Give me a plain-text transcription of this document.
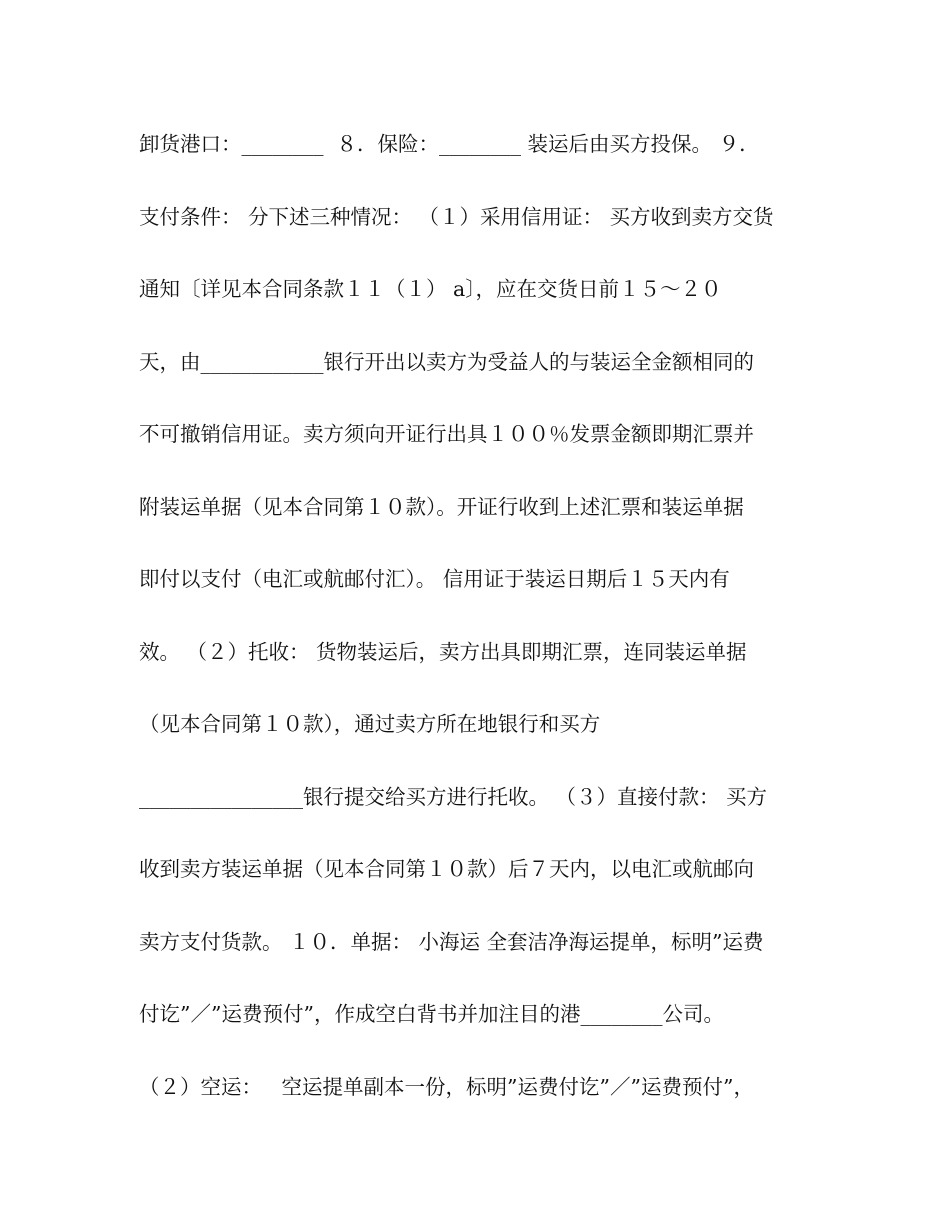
卸货港口：________  ８．保险：________ 装运后由买方投保。 ９．
支付条件： 分下述三种情况： （１）采用信用证： 买方收到卖方交货
通知〔详见本合同条款１１（１） a〕，应在交货日前１５～２０
天，由____________银行开出以卖方为受益人的与装运全金额相同的
不可撤销信用证。卖方须向开证行出具１００％发票金额即期汇票并
附装运单据（见本合同第１０款）。开证行收到上述汇票和装运单据
即付以支付（电汇或航邮付汇）。 信用证于装运日期后１５天内有
效。 （２）托收： 货物装运后，卖方出具即期汇票，连同装运单据
（见本合同第１０款），通过卖方所在地银行和买方
________________银行提交给买方进行托收。 （３）直接付款： 买方
收到卖方装运单据（见本合同第１０款）后７天内，以电汇或航邮向
卖方支付货款。 １０．单据： 小海运 全套洁净海运提单，标明”运费
付讫”／”运费预付”，作成空白背书并加注目的港________公司。
（２）空运：   空运提单副本一份，标明”运费付讫”／”运费预付”，
